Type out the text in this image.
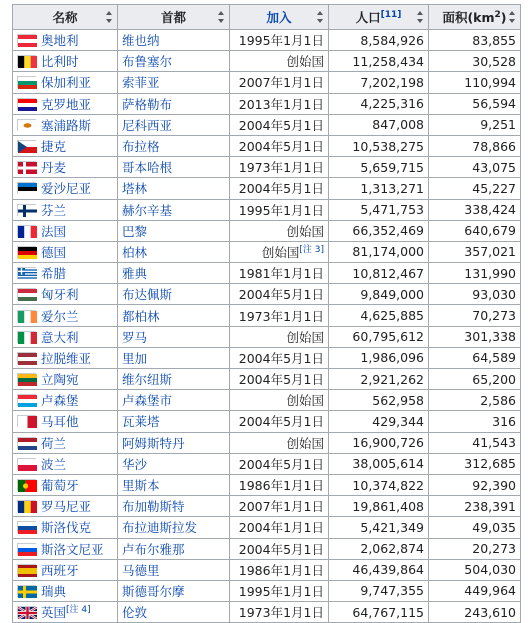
名称	首都	加入	人口[11]	面积$(km^2)$

奥地利	维也纳	1995年1月1日	8,584,926	83,855
比利时	布鲁塞尔	创始国	11,258,434	30,528
保加利亚	索菲亚	2007年1月1日	7,202,198	110,994
克罗地亚	萨格勒布	2013年1月1日	4,225,316	56,594
塞浦路斯	尼科西亚	2004年5月1日	847,008	9,251
捷克	布拉格	2004年5月1日	10,538,275	78,866
丹麦	哥本哈根	1973年1月1日	5,659,715	43,075
爱沙尼亚	塔林	2004年5月1日	1,313,271	45,227
芬兰	赫尔辛基	1995年1月1日	5,471,753	338,424
法国	巴黎	创始国	66,352,469	640,679
德国	柏林	创始国[注 3]	81,174,000	357,021
希腊	雅典	1981年1月1日	10,812,467	131,990
匈牙利	布达佩斯	2004年5月1日	9,849,000	93,030
爱尔兰	都柏林	1973年1月1日	4,625,885	70,273
意大利	罗马	创始国	60,795,612	301,338
拉脱维亚	里加	2004年5月1日	1,986,096	64,589
立陶宛	维尔纽斯	2004年5月1日	2,921,262	65,200
卢森堡	卢森堡市	创始国	562,958	2,586
马耳他	瓦莱塔	2004年5月1日	429,344	316
荷兰	阿姆斯特丹	创始国	16,900,726	41,543
波兰	华沙	2004年5月1日	38,005,614	312,685
葡萄牙	里斯本	1986年1月1日	10,374,822	92,390
罗马尼亚	布加勒斯特	2007年1月1日	19,861,408	238,391
斯洛伐克	布拉迪斯拉发	2004年1月1日	5,421,349	49,035
斯洛文尼亚	卢布尔雅那	2004年5月1日	2,062,874	20,273
西班牙	马德里	1986年1月1日	46,439,864	504,030
瑞典	斯德哥尔摩	1995年1月1日	9,747,355	449,964
英国[注 4]	伦敦	1973年1月1日	64,767,115	243,610
